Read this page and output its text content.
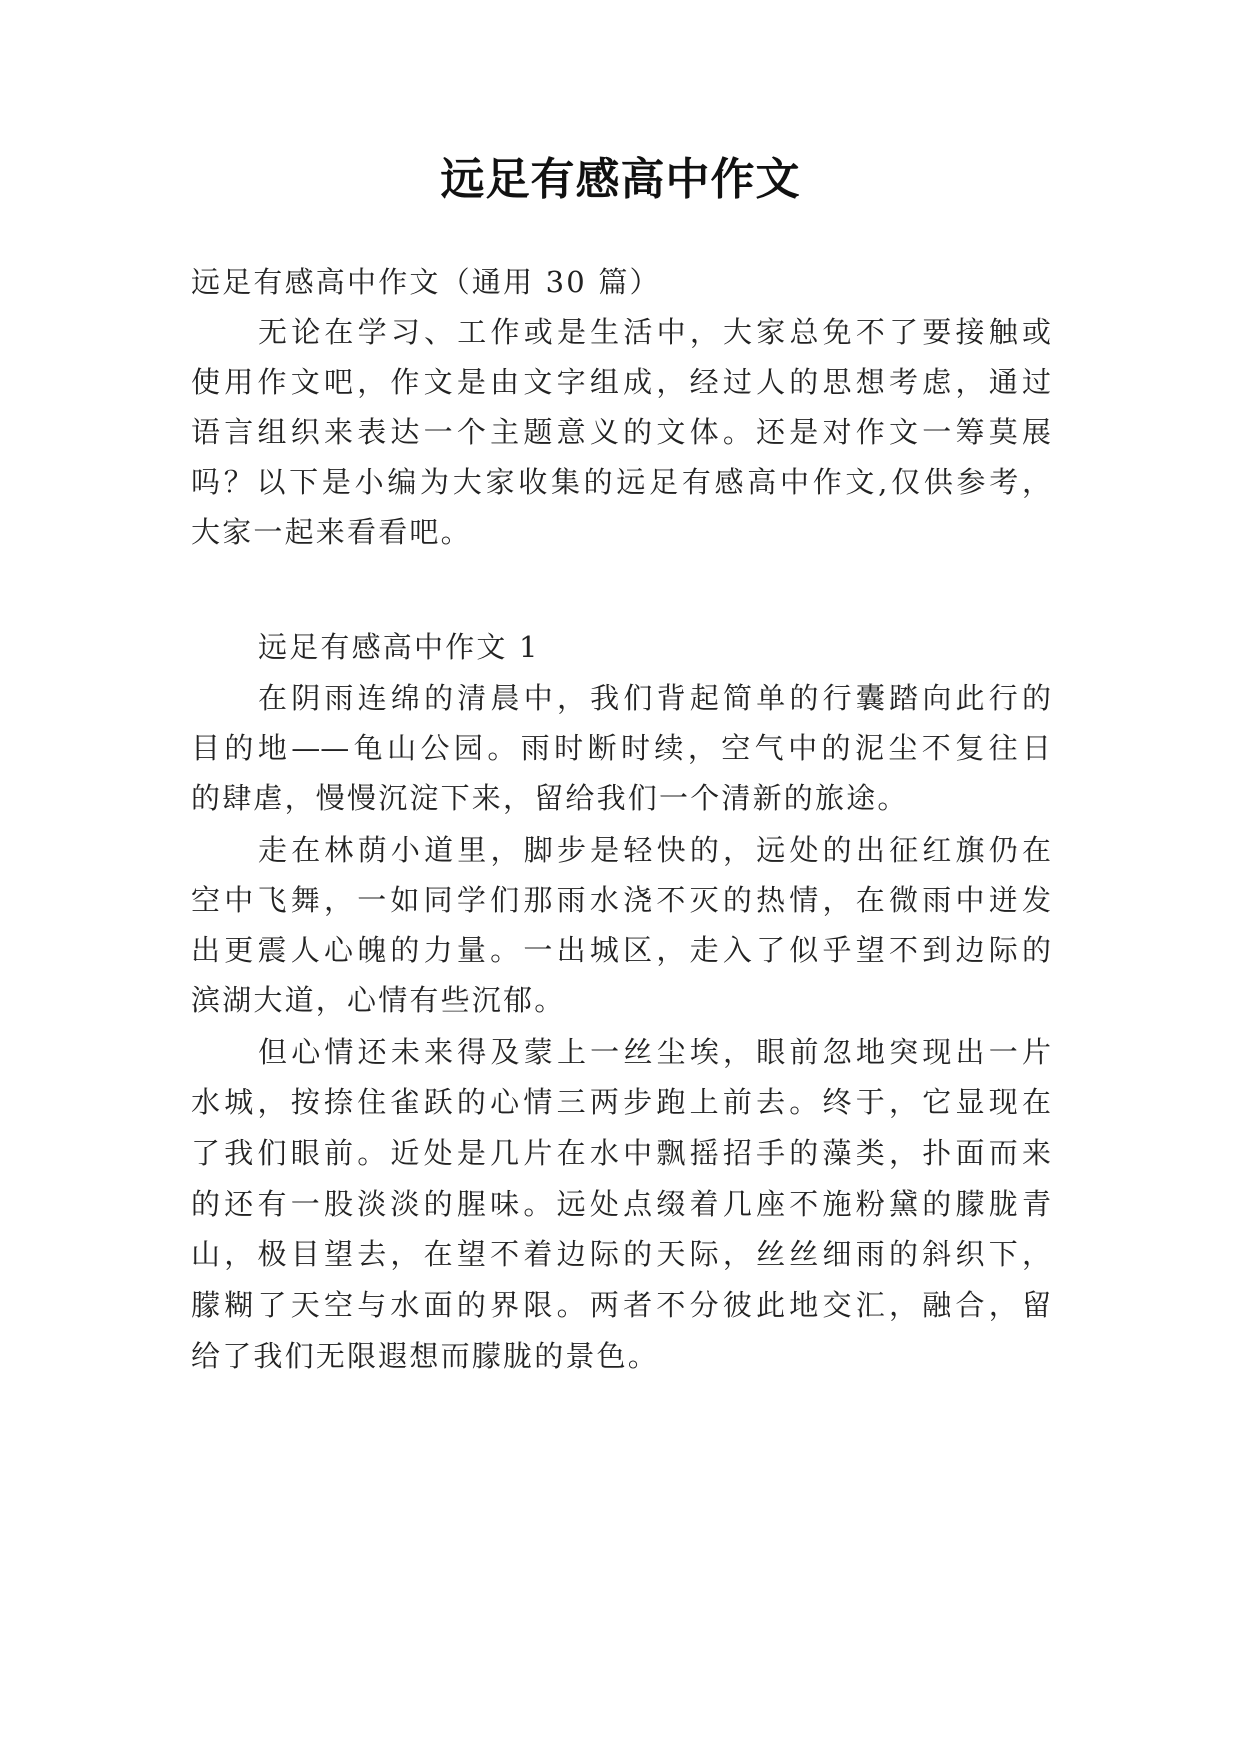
远足有感高中作文
远足有感高中作文（通用 30 篇）
无论在学习、工作或是生活中，大家总免不了要接触或
使用作文吧，作文是由文字组成，经过人的思想考虑，通过
语言组织来表达一个主题意义的文体。还是对作文一筹莫展
吗？以下是小编为大家收集的远足有感高中作文,仅供参考，
大家一起来看看吧。
远足有感高中作文 1
在阴雨连绵的清晨中，我们背起简单的行囊踏向此行的
目的地——龟山公园。雨时断时续，空气中的泥尘不复往日
的肆虐，慢慢沉淀下来，留给我们一个清新的旅途。
走在林荫小道里，脚步是轻快的，远处的出征红旗仍在
空中飞舞，一如同学们那雨水浇不灭的热情，在微雨中迸发
出更震人心魄的力量。一出城区，走入了似乎望不到边际的
滨湖大道，心情有些沉郁。
但心情还未来得及蒙上一丝尘埃，眼前忽地突现出一片
水城，按捺住雀跃的心情三两步跑上前去。终于，它显现在
了我们眼前。近处是几片在水中飘摇招手的藻类，扑面而来
的还有一股淡淡的腥味。远处点缀着几座不施粉黛的朦胧青
山，极目望去，在望不着边际的天际，丝丝细雨的斜织下，
朦糊了天空与水面的界限。两者不分彼此地交汇，融合，留
给了我们无限遐想而朦胧的景色。
